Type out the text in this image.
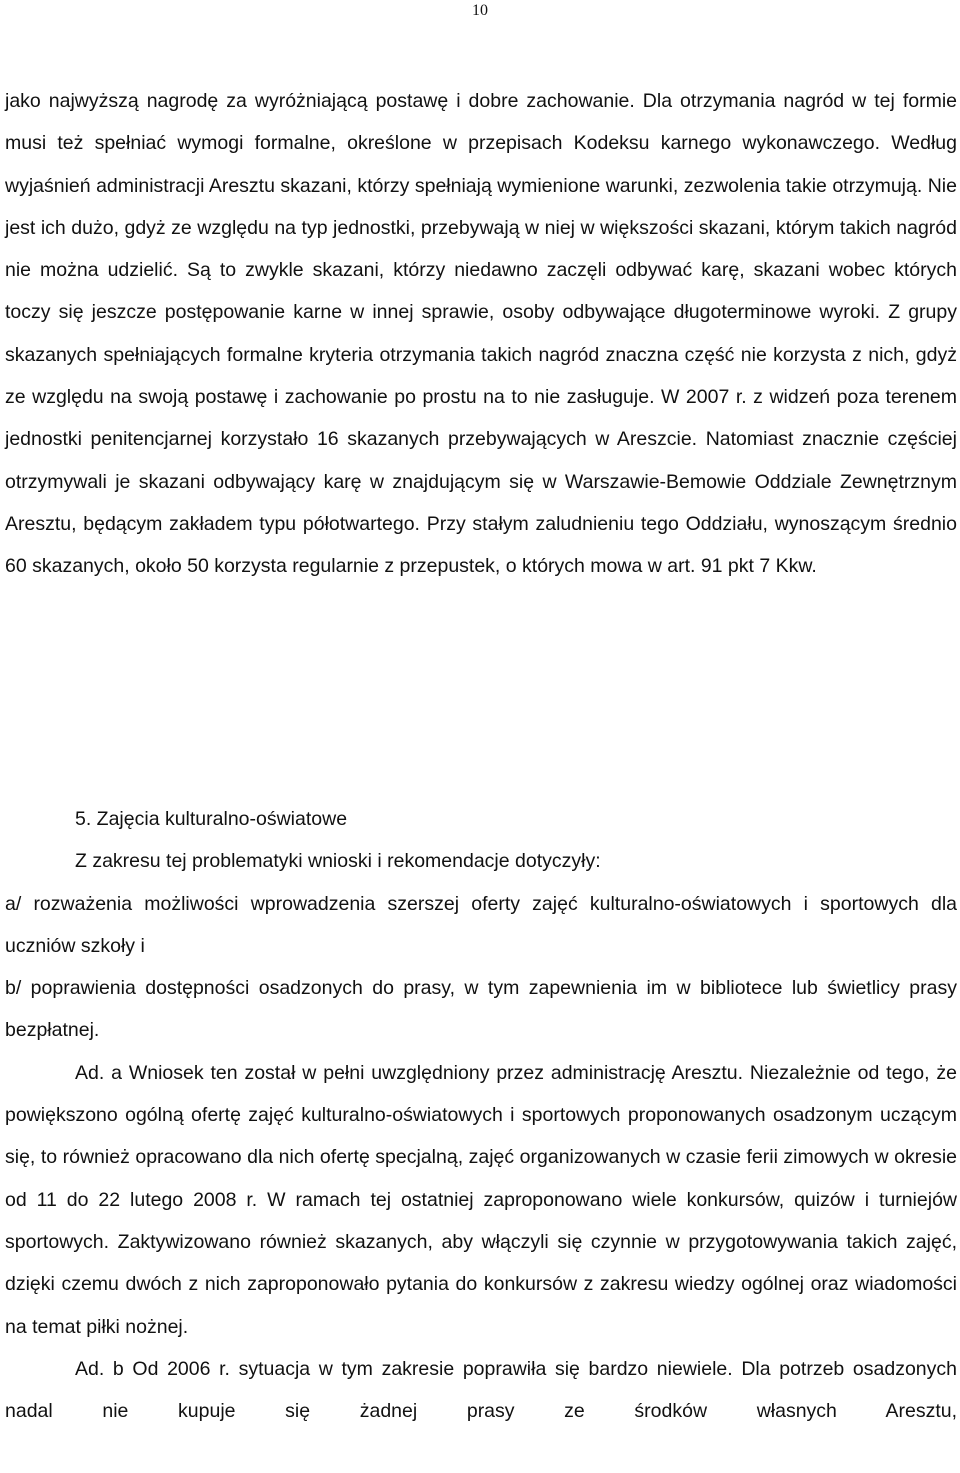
10

jako najwyższą nagrodę za wyróżniającą postawę i dobre zachowanie. Dla otrzymania nagród w tej formie musi też spełniać wymogi formalne, określone w przepisach Kodeksu karnego wykonawczego. Według wyjaśnień administracji Aresztu skazani, którzy spełniają wymienione warunki, zezwolenia takie otrzymują. Nie jest ich dużo, gdyż ze względu na typ jednostki, przebywają w niej w większości skazani, którym takich nagród nie można udzielić. Są to zwykle skazani, którzy niedawno zaczęli odbywać karę, skazani wobec których toczy się jeszcze postępowanie karne w innej sprawie, osoby odbywające długoterminowe wyroki. Z grupy skazanych spełniających formalne kryteria otrzymania takich nagród znaczna część nie korzysta z nich, gdyż ze względu na swoją postawę i zachowanie po prostu na to nie zasługuje. W 2007 r. z widzeń poza terenem jednostki penitencjarnej korzystało 16 skazanych przebywających w Areszcie. Natomiast znacznie częściej otrzymywali je skazani odbywający karę w znajdującym się w Warszawie-Bemowie Oddziale Zewnętrznym Aresztu, będącym zakładem typu półotwartego. Przy stałym zaludnieniu tego Oddziału, wynoszącym średnio 60 skazanych, około 50 korzysta regularnie z przepustek, o których mowa w art. 91 pkt 7 Kkw.

5. Zajęcia kulturalno-oświatowe

Z zakresu tej problematyki wnioski i rekomendacje dotyczyły:

a/ rozważenia możliwości wprowadzenia szerszej oferty zajęć kulturalno-oświatowych i sportowych dla uczniów szkoły i

b/ poprawienia dostępności osadzonych do prasy, w tym zapewnienia im w bibliotece lub świetlicy prasy bezpłatnej.

Ad. a Wniosek ten został w pełni uwzględniony przez administrację Aresztu. Niezależnie od tego, że powiększono ogólną ofertę zajęć kulturalno-oświatowych i sportowych proponowanych osadzonym uczącym się, to również opracowano dla nich ofertę specjalną, zajęć organizowanych w czasie ferii zimowych w okresie od 11 do 22 lutego 2008 r. W ramach tej ostatniej zaproponowano wiele konkursów, quizów i turniejów sportowych. Zaktywizowano również skazanych, aby włączyli się czynnie w przygotowywania takich zajęć, dzięki czemu dwóch z nich zaproponowało pytania do konkursów z zakresu wiedzy ogólnej oraz wiadomości na temat piłki nożnej.

Ad. b Od 2006 r. sytuacja w tym zakresie poprawiła się bardzo niewiele. Dla potrzeb osadzonych nadal nie kupuje się żadnej prasy ze środków własnych Aresztu,
